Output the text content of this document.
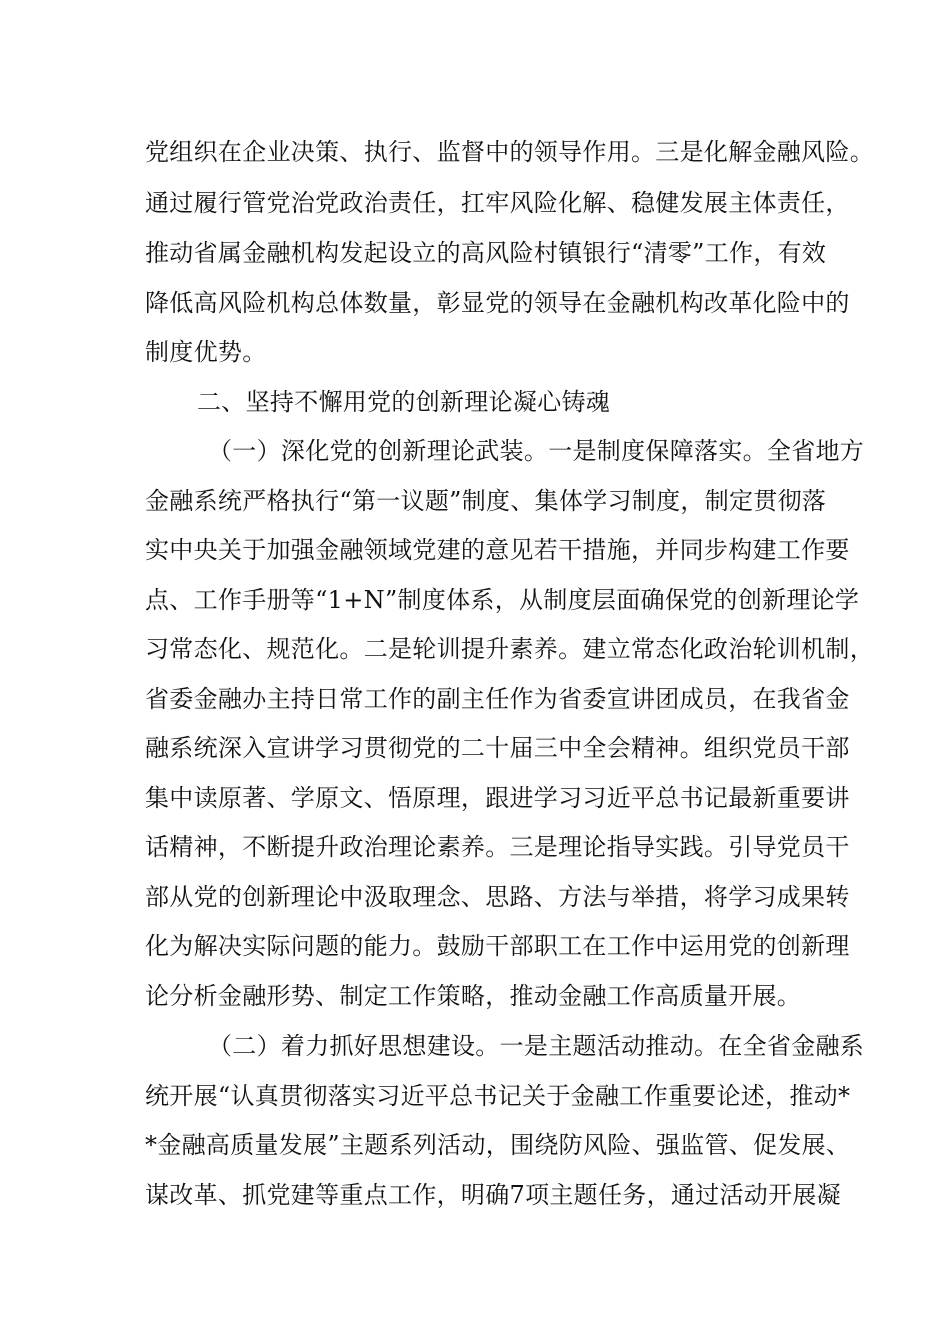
党组织在企业决策、执行、监督中的领导作用。三是化解金融风险。
通过履行管党治党政治责任，扛牢风险化解、稳健发展主体责任，
推动省属金融机构发起设立的高风险村镇银行“清零”工作，有效
降低高风险机构总体数量，彰显党的领导在金融机构改革化险中的
制度优势。
二、坚持不懈用党的创新理论凝心铸魂
（一）深化党的创新理论武装。一是制度保障落实。全省地方
金融系统严格执行“第一议题”制度、集体学习制度，制定贯彻落
实中央关于加强金融领域党建的意见若干措施，并同步构建工作要
点、工作手册等“1+N”制度体系，从制度层面确保党的创新理论学
习常态化、规范化。二是轮训提升素养。建立常态化政治轮训机制，
省委金融办主持日常工作的副主任作为省委宣讲团成员，在我省金
融系统深入宣讲学习贯彻党的二十届三中全会精神。组织党员干部
集中读原著、学原文、悟原理，跟进学习习近平总书记最新重要讲
话精神，不断提升政治理论素养。三是理论指导实践。引导党员干
部从党的创新理论中汲取理念、思路、方法与举措，将学习成果转
化为解决实际问题的能力。鼓励干部职工在工作中运用党的创新理
论分析金融形势、制定工作策略，推动金融工作高质量开展。
（二）着力抓好思想建设。一是主题活动推动。在全省金融系
统开展“认真贯彻落实习近平总书记关于金融工作重要论述，推动*
*金融高质量发展”主题系列活动，围绕防风险、强监管、促发展、
谋改革、抓党建等重点工作，明确7项主题任务，通过活动开展凝
